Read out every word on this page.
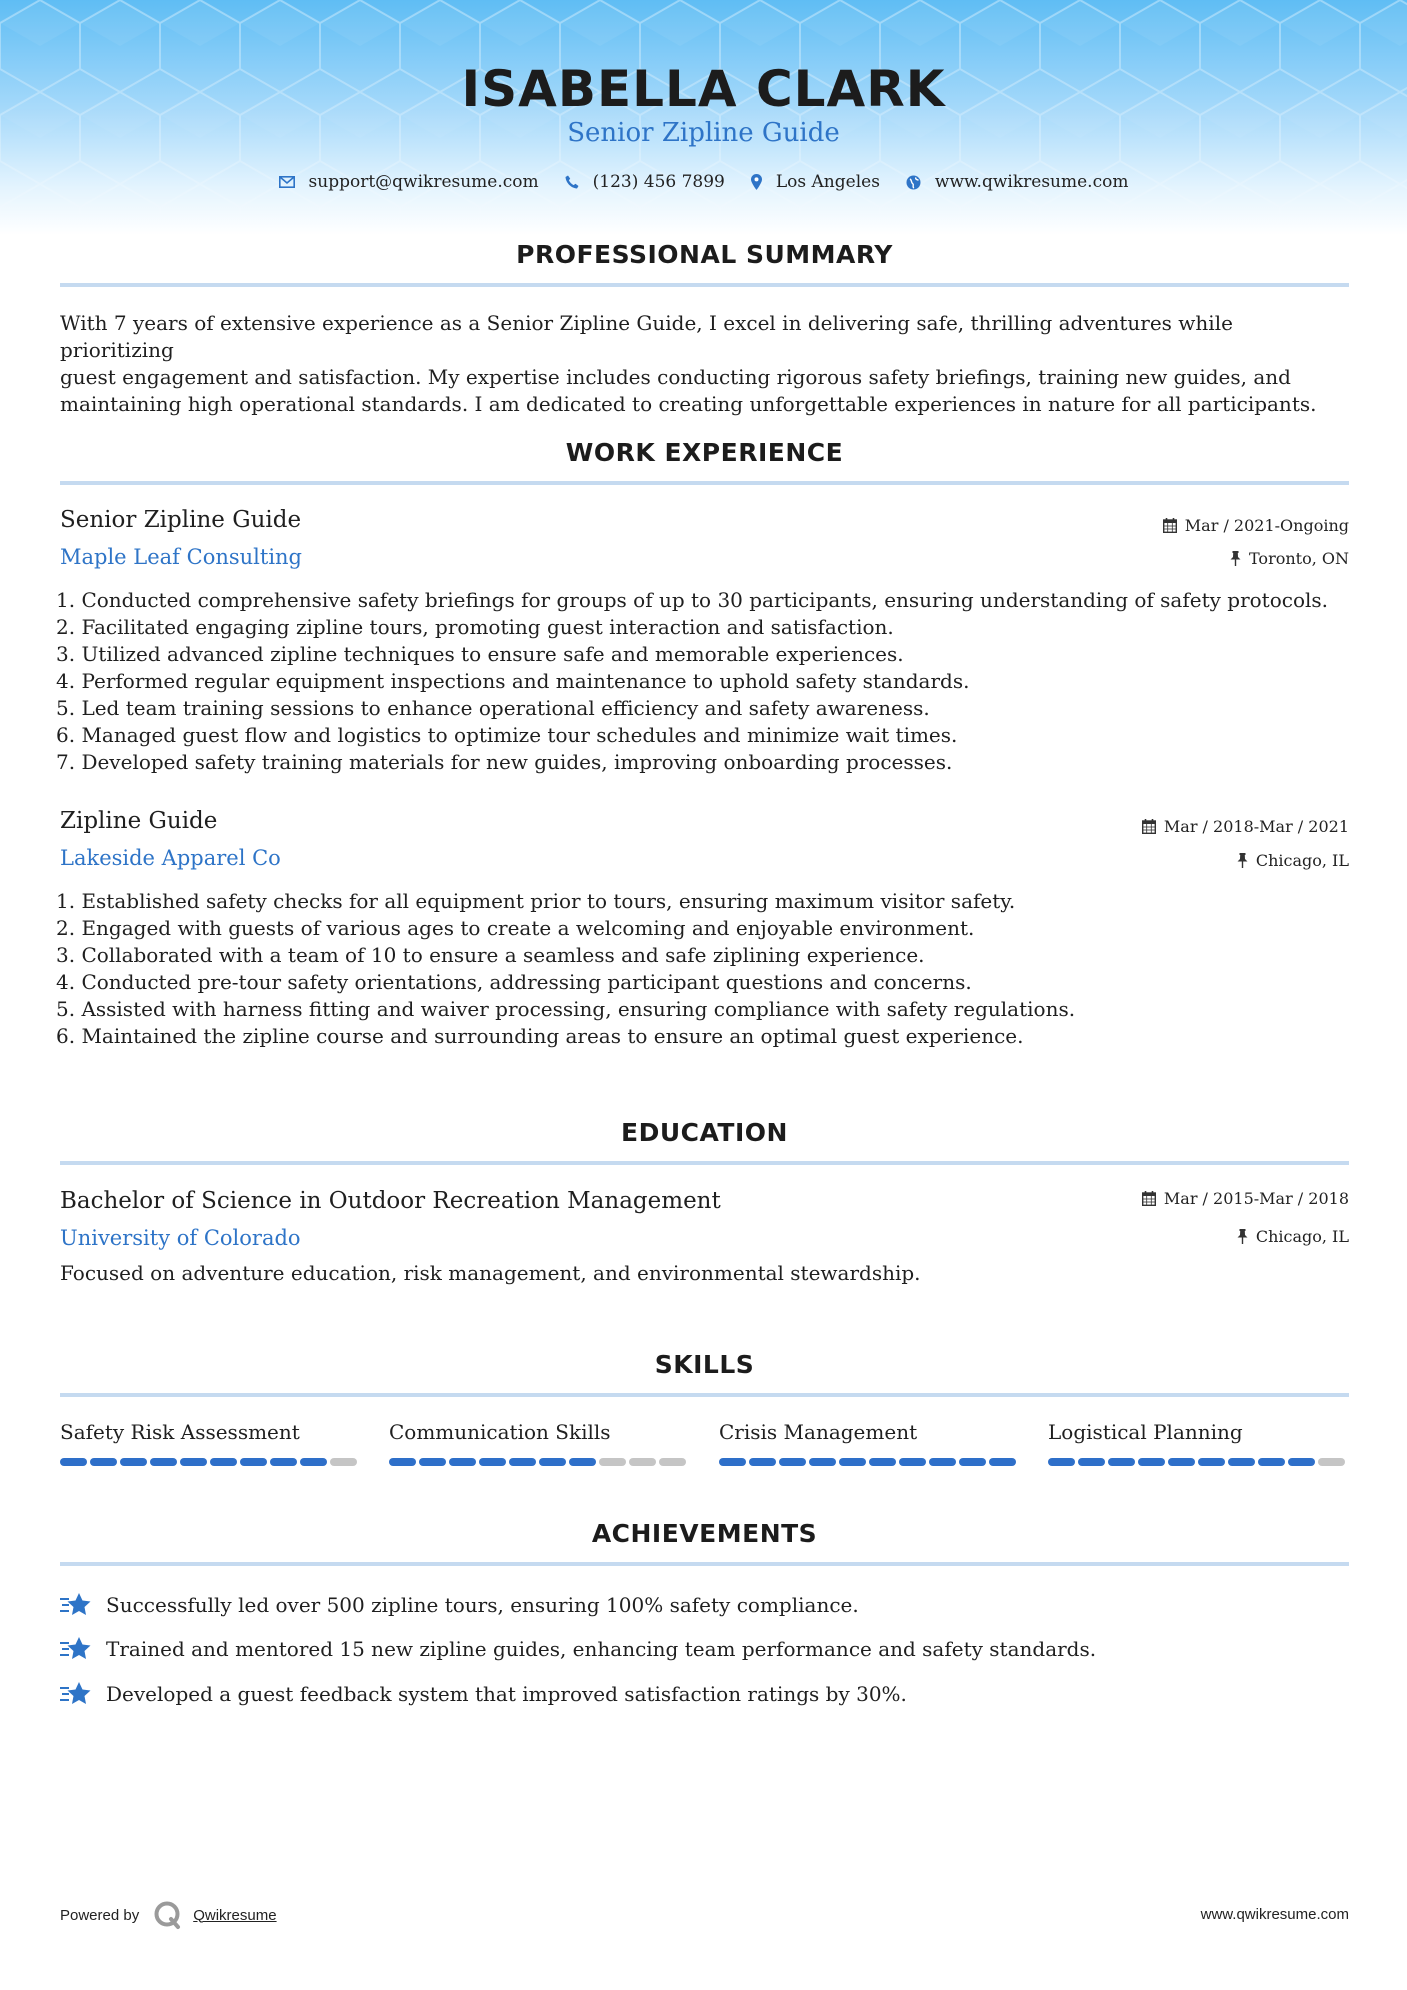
ISABELLA CLARK
Senior Zipline Guide
support@qwikresume.com	(123) 456 7899	Los Angeles	www.qwikresume.com
PROFESSIONAL SUMMARY
With 7 years of extensive experience as a Senior Zipline Guide, I excel in delivering safe, thrilling adventures while prioritizing
guest engagement and satisfaction. My expertise includes conducting rigorous safety briefings, training new guides, and
maintaining high operational standards. I am dedicated to creating unforgettable experiences in nature for all participants.
WORK EXPERIENCE
Senior Zipline Guide
Maple Leaf Consulting
Mar / 2021-Ongoing
Toronto, ON
1. Conducted comprehensive safety briefings for groups of up to 30 participants, ensuring understanding of safety protocols.
2. Facilitated engaging zipline tours, promoting guest interaction and satisfaction.
3. Utilized advanced zipline techniques to ensure safe and memorable experiences.
4. Performed regular equipment inspections and maintenance to uphold safety standards.
5. Led team training sessions to enhance operational efficiency and safety awareness.
6. Managed guest flow and logistics to optimize tour schedules and minimize wait times.
7. Developed safety training materials for new guides, improving onboarding processes.
Zipline Guide
Lakeside Apparel Co
Mar / 2018-Mar / 2021
Chicago, IL
1. Established safety checks for all equipment prior to tours, ensuring maximum visitor safety.
2. Engaged with guests of various ages to create a welcoming and enjoyable environment.
3. Collaborated with a team of 10 to ensure a seamless and safe ziplining experience.
4. Conducted pre-tour safety orientations, addressing participant questions and concerns.
5. Assisted with harness fitting and waiver processing, ensuring compliance with safety regulations.
6. Maintained the zipline course and surrounding areas to ensure an optimal guest experience.
EDUCATION
Bachelor of Science in Outdoor Recreation Management
University of Colorado
Mar / 2015-Mar / 2018
Chicago, IL
Focused on adventure education, risk management, and environmental stewardship.
SKILLS
Safety Risk Assessment	Communication Skills	Crisis Management	Logistical Planning
ACHIEVEMENTS
Successfully led over 500 zipline tours, ensuring 100% safety compliance.
Trained and mentored 15 new zipline guides, enhancing team performance and safety standards.
Developed a guest feedback system that improved satisfaction ratings by 30%.
Powered by	Qwikresume	www.qwikresume.com
